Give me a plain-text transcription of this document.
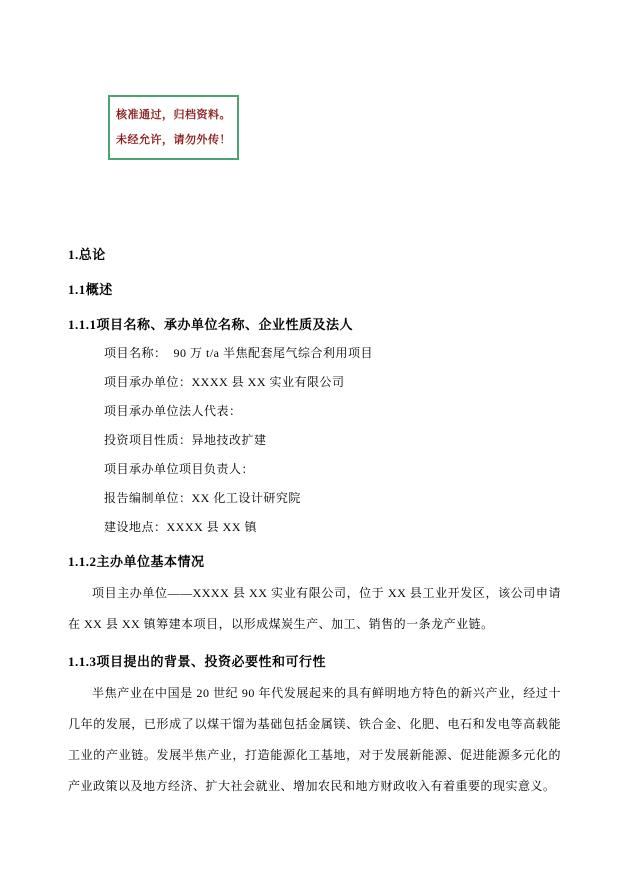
核准通过，归档资料。
未经允许，请勿外传！
1.总论
1.1概述
1.1.1项目名称、承办单位名称、企业性质及法人
项目名称：  90 万 t/a 半焦配套尾气综合利用项目
项目承办单位：XXXX 县 XX 实业有限公司
项目承办单位法人代表：
投资项目性质：异地技改扩建
项目承办单位项目负责人：
报告编制单位：XX 化工设计研究院
建设地点：XXXX 县 XX 镇
1.1.2主办单位基本情况

项目主办单位——XXXX 县 XX 实业有限公司，位于 XX 县工业开发区，该公司申请在 XX 县 XX 镇筹建本项目，以形成煤炭生产、加工、销售的一条龙产业链。

1.1.3项目提出的背景、投资必要性和可行性

半焦产业在中国是 20 世纪 90 年代发展起来的具有鲜明地方特色的新兴产业，经过十几年的发展，已形成了以煤干馏为基础包括金属镁、铁合金、化肥、电石和发电等高载能工业的产业链。发展半焦产业，打造能源化工基地，对于发展新能源、促进能源多元化的产业政策以及地方经济、扩大社会就业、增加农民和地方财政收入有着重要的现实意义。
